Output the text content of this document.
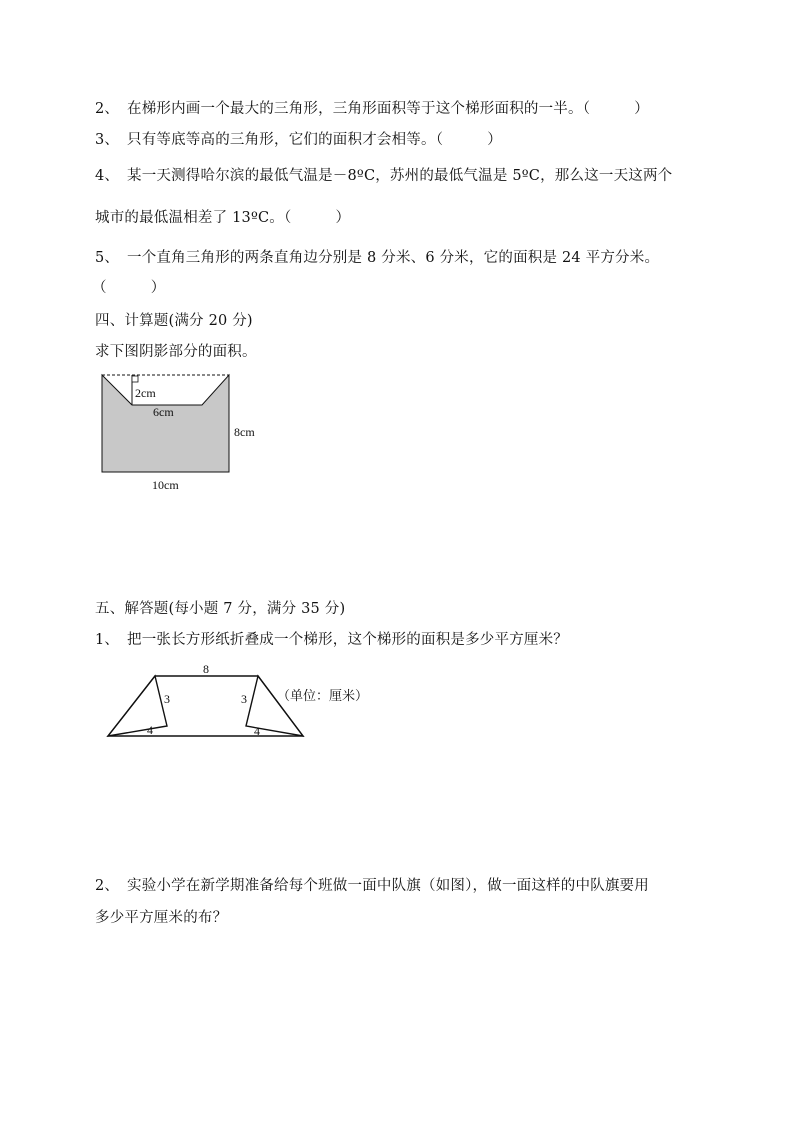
2、 在梯形内画一个最大的三角形，三角形面积等于这个梯形面积的一半。（　　　）
3、 只有等底等高的三角形，它们的面积才会相等。（　　　）
4、 某一天测得哈尔滨的最低气温是－8ºC，苏州的最低气温是 5ºC，那么这一天这两个
城市的最低温相差了 13ºC。（　　　）
5、 一个直角三角形的两条直角边分别是 8 分米、6 分米，它的面积是 24 平方分米。
（　　　）
四、计算题(满分 20 分)
求下图阴影部分的面积。
2cm
6cm
8cm
10cm
五、解答题(每小题 7 分，满分 35 分)
1、 把一张长方形纸折叠成一个梯形，这个梯形的面积是多少平方厘米？
8
3	3
4	4
（单位：厘米）
2、 实验小学在新学期准备给每个班做一面中队旗（如图），做一面这样的中队旗要用
多少平方厘米的布？
